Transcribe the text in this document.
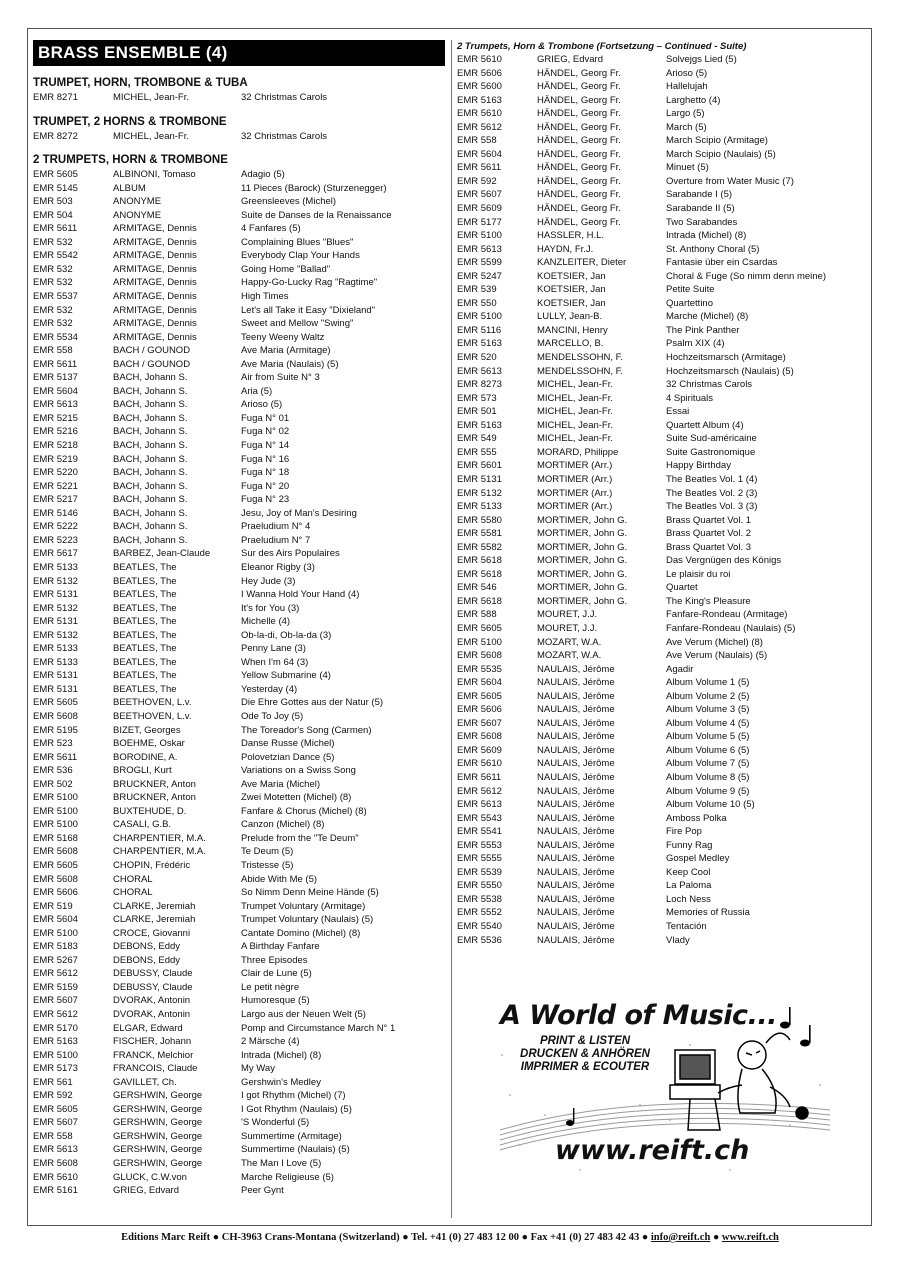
BRASS ENSEMBLE (4)
TRUMPET, HORN, TROMBONE & TUBA
EMR 8271	MICHEL, Jean-Fr.	32 Christmas Carols
TRUMPET, 2 HORNS & TROMBONE
EMR 8272	MICHEL, Jean-Fr.	32 Christmas Carols
2 TRUMPETS, HORN & TROMBONE
EMR 5605	ALBINONI, Tomaso	Adagio (5)
EMR 5145	ALBUM	11 Pieces (Barock) (Sturzenegger)
EMR 503	ANONYME	Greensleeves (Michel)
EMR 504	ANONYME	Suite de Danses de la Renaissance
EMR 5611	ARMITAGE, Dennis	4 Fanfares (5)
EMR 532	ARMITAGE, Dennis	Complaining Blues "Blues"
EMR 5542	ARMITAGE, Dennis	Everybody Clap Your Hands
EMR 532	ARMITAGE, Dennis	Going Home "Ballad"
EMR 532	ARMITAGE, Dennis	Happy-Go-Lucky Rag "Ragtime"
EMR 5537	ARMITAGE, Dennis	High Times
EMR 532	ARMITAGE, Dennis	Let's all Take it Easy "Dixieland"
EMR 532	ARMITAGE, Dennis	Sweet and Mellow "Swing"
EMR 5534	ARMITAGE, Dennis	Teeny Weeny Waltz
EMR 558	BACH / GOUNOD	Ave Maria (Armitage)
EMR 5611	BACH / GOUNOD	Ave Maria (Naulais) (5)
EMR 5137	BACH, Johann S.	Air from Suite N° 3
EMR 5604	BACH, Johann S.	Aria (5)
EMR 5613	BACH, Johann S.	Arioso (5)
EMR 5215	BACH, Johann S.	Fuga N° 01
EMR 5216	BACH, Johann S.	Fuga N° 02
EMR 5218	BACH, Johann S.	Fuga N° 14
EMR 5219	BACH, Johann S.	Fuga N° 16
EMR 5220	BACH, Johann S.	Fuga N° 18
EMR 5221	BACH, Johann S.	Fuga N° 20
EMR 5217	BACH, Johann S.	Fuga N° 23
EMR 5146	BACH, Johann S.	Jesu, Joy of Man's Desiring
EMR 5222	BACH, Johann S.	Praeludium N° 4
EMR 5223	BACH, Johann S.	Praeludium N° 7
EMR 5617	BARBEZ, Jean-Claude	Sur des Airs Populaires
EMR 5133	BEATLES, The	Eleanor Rigby (3)
EMR 5132	BEATLES, The	Hey Jude (3)
EMR 5131	BEATLES, The	I Wanna Hold Your Hand (4)
EMR 5132	BEATLES, The	It's for You (3)
EMR 5131	BEATLES, The	Michelle (4)
EMR 5132	BEATLES, The	Ob-la-di, Ob-la-da (3)
EMR 5133	BEATLES, The	Penny Lane (3)
EMR 5133	BEATLES, The	When I'm 64 (3)
EMR 5131	BEATLES, The	Yellow Submarine (4)
EMR 5131	BEATLES, The	Yesterday (4)
EMR 5605	BEETHOVEN, L.v.	Die Ehre Gottes aus der Natur (5)
EMR 5608	BEETHOVEN, L.v.	Ode To Joy (5)
EMR 5195	BIZET, Georges	The Toreador's Song (Carmen)
EMR 523	BOEHME, Oskar	Danse Russe (Michel)
EMR 5611	BORODINE, A.	Polovetzian Dance (5)
EMR 536	BROGLI, Kurt	Variations on a Swiss Song
EMR 502	BRUCKNER, Anton	Ave Maria (Michel)
EMR 5100	BRUCKNER, Anton	Zwei Motetten (Michel) (8)
EMR 5100	BUXTEHUDE, D.	Fanfare & Chorus (Michel) (8)
EMR 5100	CASALI, G.B.	Canzon (Michel) (8)
EMR 5168	CHARPENTIER, M.A.	Prelude from the "Te Deum"
EMR 5608	CHARPENTIER, M.A.	Te Deum (5)
EMR 5605	CHOPIN, Frédéric	Tristesse (5)
EMR 5608	CHORAL	Abide With Me (5)
EMR 5606	CHORAL	So Nimm Denn Meine Hände (5)
EMR 519	CLARKE, Jeremiah	Trumpet Voluntary (Armitage)
EMR 5604	CLARKE, Jeremiah	Trumpet Voluntary (Naulais) (5)
EMR 5100	CROCE, Giovanni	Cantate Domino (Michel) (8)
EMR 5183	DEBONS, Eddy	A Birthday Fanfare
EMR 5267	DEBONS, Eddy	Three Episodes
EMR 5612	DEBUSSY, Claude	Clair de Lune (5)
EMR 5159	DEBUSSY, Claude	Le petit nègre
EMR 5607	DVORAK, Antonin	Humoresque (5)
EMR 5612	DVORAK, Antonin	Largo aus der Neuen Welt (5)
EMR 5170	ELGAR, Edward	Pomp and Circumstance March N° 1
EMR 5163	FISCHER, Johann	2 Märsche (4)
EMR 5100	FRANCK, Melchior	Intrada (Michel) (8)
EMR 5173	FRANCOIS, Claude	My Way
EMR 561	GAVILLET, Ch.	Gershwin's Medley
EMR 592	GERSHWIN, George	I got Rhythm (Michel) (7)
EMR 5605	GERSHWIN, George	I Got Rhythm (Naulais) (5)
EMR 5607	GERSHWIN, George	'S Wonderful (5)
EMR 558	GERSHWIN, George	Summertime (Armitage)
EMR 5613	GERSHWIN, George	Summertime (Naulais) (5)
EMR 5608	GERSHWIN, George	The Man I Love (5)
EMR 5610	GLUCK, C.W.von	Marche Religieuse (5)
EMR 5161	GRIEG, Edvard	Peer Gynt
2 Trumpets, Horn & Trombone (Fortsetzung – Continued - Suite)
EMR 5610	GRIEG, Edvard	Solvejgs Lied (5)
EMR 5606	HÄNDEL, Georg Fr.	Arioso (5)
EMR 5600	HÄNDEL, Georg Fr.	Hallelujah
EMR 5163	HÄNDEL, Georg Fr.	Larghetto (4)
EMR 5610	HÄNDEL, Georg Fr.	Largo (5)
EMR 5612	HÄNDEL, Georg Fr.	March (5)
EMR 558	HÄNDEL, Georg Fr.	March Scipio (Armitage)
EMR 5604	HÄNDEL, Georg Fr.	March Scipio (Naulais) (5)
EMR 5611	HÄNDEL, Georg Fr.	Minuet (5)
EMR 592	HÄNDEL, Georg Fr.	Overture from Water Music (7)
EMR 5607	HÄNDEL, Georg Fr.	Sarabande I (5)
EMR 5609	HÄNDEL, Georg Fr.	Sarabande II (5)
EMR 5177	HÄNDEL, Georg Fr.	Two Sarabandes
EMR 5100	HASSLER, H.L.	Intrada (Michel) (8)
EMR 5613	HAYDN, Fr.J.	St. Anthony Choral (5)
EMR 5599	KANZLEITER, Dieter	Fantasie über ein Csardas
EMR 5247	KOETSIER, Jan	Choral & Fuge (So nimm denn meine)
EMR 539	KOETSIER, Jan	Petite Suite
EMR 550	KOETSIER, Jan	Quartettino
EMR 5100	LULLY, Jean-B.	Marche (Michel) (8)
EMR 5116	MANCINI, Henry	The Pink Panther
EMR 5163	MARCELLO, B.	Psalm XIX (4)
EMR 520	MENDELSSOHN, F.	Hochzeitsmarsch (Armitage)
EMR 5613	MENDELSSOHN, F.	Hochzeitsmarsch (Naulais) (5)
EMR 8273	MICHEL, Jean-Fr.	32 Christmas Carols
EMR 573	MICHEL, Jean-Fr.	4 Spirituals
EMR 501	MICHEL, Jean-Fr.	Essai
EMR 5163	MICHEL, Jean-Fr.	Quartett Album (4)
EMR 549	MICHEL, Jean-Fr.	Suite Sud-américaine
EMR 555	MORARD, Philippe	Suite Gastronomique
EMR 5601	MORTIMER (Arr.)	Happy Birthday
EMR 5131	MORTIMER (Arr.)	The Beatles Vol. 1 (4)
EMR 5132	MORTIMER (Arr.)	The Beatles Vol. 2 (3)
EMR 5133	MORTIMER (Arr.)	The Beatles Vol. 3 (3)
EMR 5580	MORTIMER, John G.	Brass Quartet Vol. 1
EMR 5581	MORTIMER, John G.	Brass Quartet Vol. 2
EMR 5582	MORTIMER, John G.	Brass Quartet Vol. 3
EMR 5618	MORTIMER, John G.	Das Vergnügen des Königs
EMR 5618	MORTIMER, John G.	Le plaisir du roi
EMR 546	MORTIMER, John G.	Quartet
EMR 5618	MORTIMER, John G.	The King's Pleasure
EMR 588	MOURET, J.J.	Fanfare-Rondeau (Armitage)
EMR 5605	MOURET, J.J.	Fanfare-Rondeau (Naulais) (5)
EMR 5100	MOZART, W.A.	Ave Verum (Michel) (8)
EMR 5608	MOZART, W.A.	Ave Verum (Naulais) (5)
EMR 5535	NAULAIS, Jérôme	Agadir
EMR 5604	NAULAIS, Jérôme	Album Volume 1 (5)
EMR 5605	NAULAIS, Jérôme	Album Volume 2 (5)
EMR 5606	NAULAIS, Jérôme	Album Volume 3 (5)
EMR 5607	NAULAIS, Jérôme	Album Volume 4 (5)
EMR 5608	NAULAIS, Jérôme	Album Volume 5 (5)
EMR 5609	NAULAIS, Jérôme	Album Volume 6 (5)
EMR 5610	NAULAIS, Jérôme	Album Volume 7 (5)
EMR 5611	NAULAIS, Jérôme	Album Volume 8 (5)
EMR 5612	NAULAIS, Jérôme	Album Volume 9 (5)
EMR 5613	NAULAIS, Jérôme	Album Volume 10 (5)
EMR 5543	NAULAIS, Jérôme	Amboss Polka
EMR 5541	NAULAIS, Jérôme	Fire Pop
EMR 5553	NAULAIS, Jérôme	Funny Rag
EMR 5555	NAULAIS, Jérôme	Gospel Medley
EMR 5539	NAULAIS, Jérôme	Keep Cool
EMR 5550	NAULAIS, Jérôme	La Paloma
EMR 5538	NAULAIS, Jérôme	Loch Ness
EMR 5552	NAULAIS, Jérôme	Memories of Russia
EMR 5540	NAULAIS, Jérôme	Tentación
EMR 5536	NAULAIS, Jérôme	Vlady
A World of Music...
PRINT & LISTEN
DRUCKEN & ANHÖREN
IMPRIMER & ECOUTER
www.reift.ch
Editions Marc Reift ● CH-3963 Crans-Montana (Switzerland) ● Tel. +41 (0) 27 483 12 00 ● Fax +41 (0) 27 483 42 43 ● info@reift.ch ● www.reift.ch
